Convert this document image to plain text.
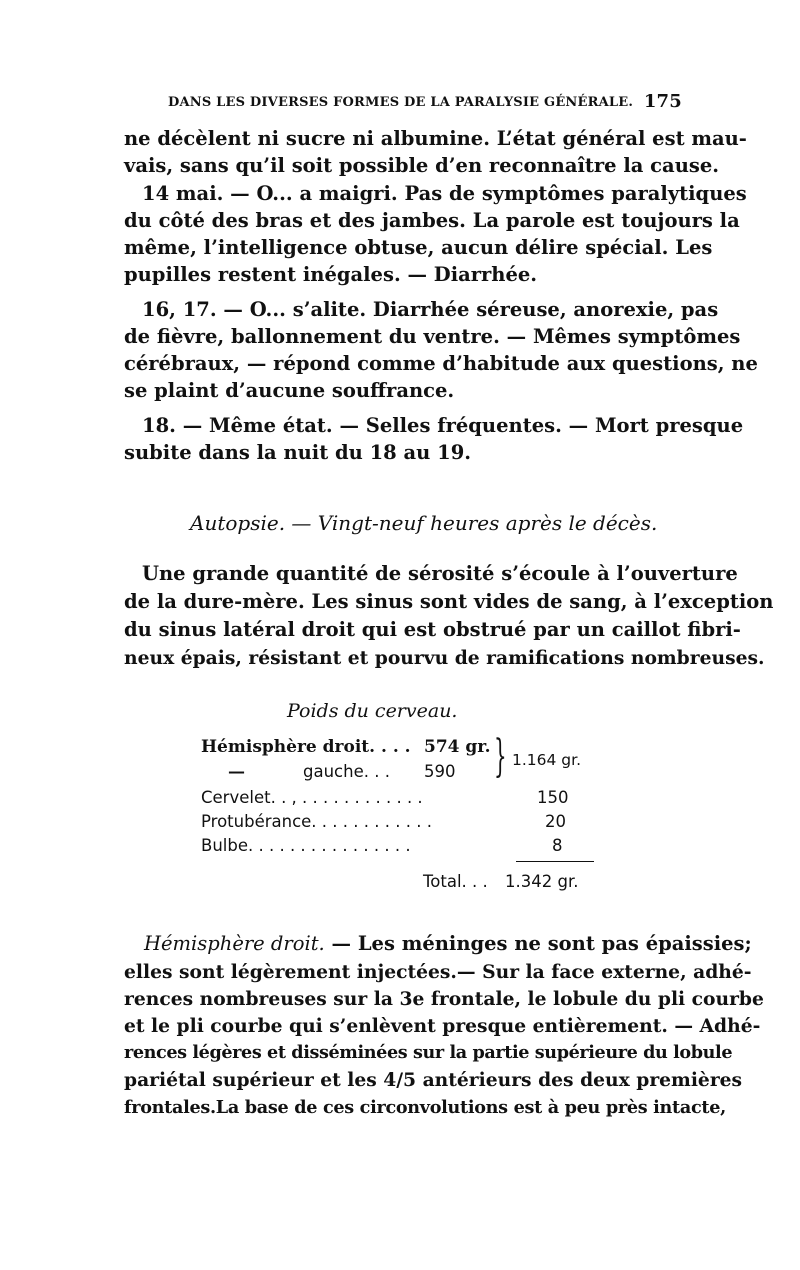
DANS LES DIVERSES FORMES DE LA PARALYSIE GÉNÉRALE. 175
ne décèlent ni sucre ni albumine. L’état général est mau-
vais, sans qu’il soit possible d’en reconnaître la cause.
14 mai. — O... a maigri. Pas de symptômes paralytiques
du côté des bras et des jambes. La parole est toujours la
même, l’intelligence obtuse, aucun délire spécial. Les
pupilles restent inégales. — Diarrhée.
16, 17. — O... s’alite. Diarrhée séreuse, anorexie, pas
de fièvre, ballonnement du ventre. — Mêmes symptômes
cérébraux, — répond comme d’habitude aux questions, ne
se plaint d’aucune souffrance.
18. — Même état. — Selles fréquentes. — Mort presque
subite dans la nuit du 18 au 19.
Autopsie. — Vingt-neuf heures après le décès.
Une grande quantité de sérosité s’écoule à l’ouverture
de la dure-mère. Les sinus sont vides de sang, à l’exception
du sinus latéral droit qui est obstrué par un caillot fibri-
neux épais, résistant et pourvu de ramifications nombreuses.
Poids du cerveau.
Hémisphère droit. . . . 574 gr.
—	gauche. . . 590 } 1.164 gr.
Cervelet. . , . . . . . . . . . . . .	150
Protubérance. . . . . . . . . . . .	20
Bulbe. . . . . . . . . . . . . . . .	8
Total. . . 1.342 gr.
Hémisphère droit. — Les méninges ne sont pas épaissies;
elles sont légèrement injectées.— Sur la face externe, adhé-
rences nombreuses sur la 3e frontale, le lobule du pli courbe
et le pli courbe qui s’enlèvent presque entièrement. — Adhé-
rences légères et disséminées sur la partie supérieure du lobule
pariétal supérieur et les 4/5 antérieurs des deux premières
frontales.La base de ces circonvolutions est à peu près intacte,
